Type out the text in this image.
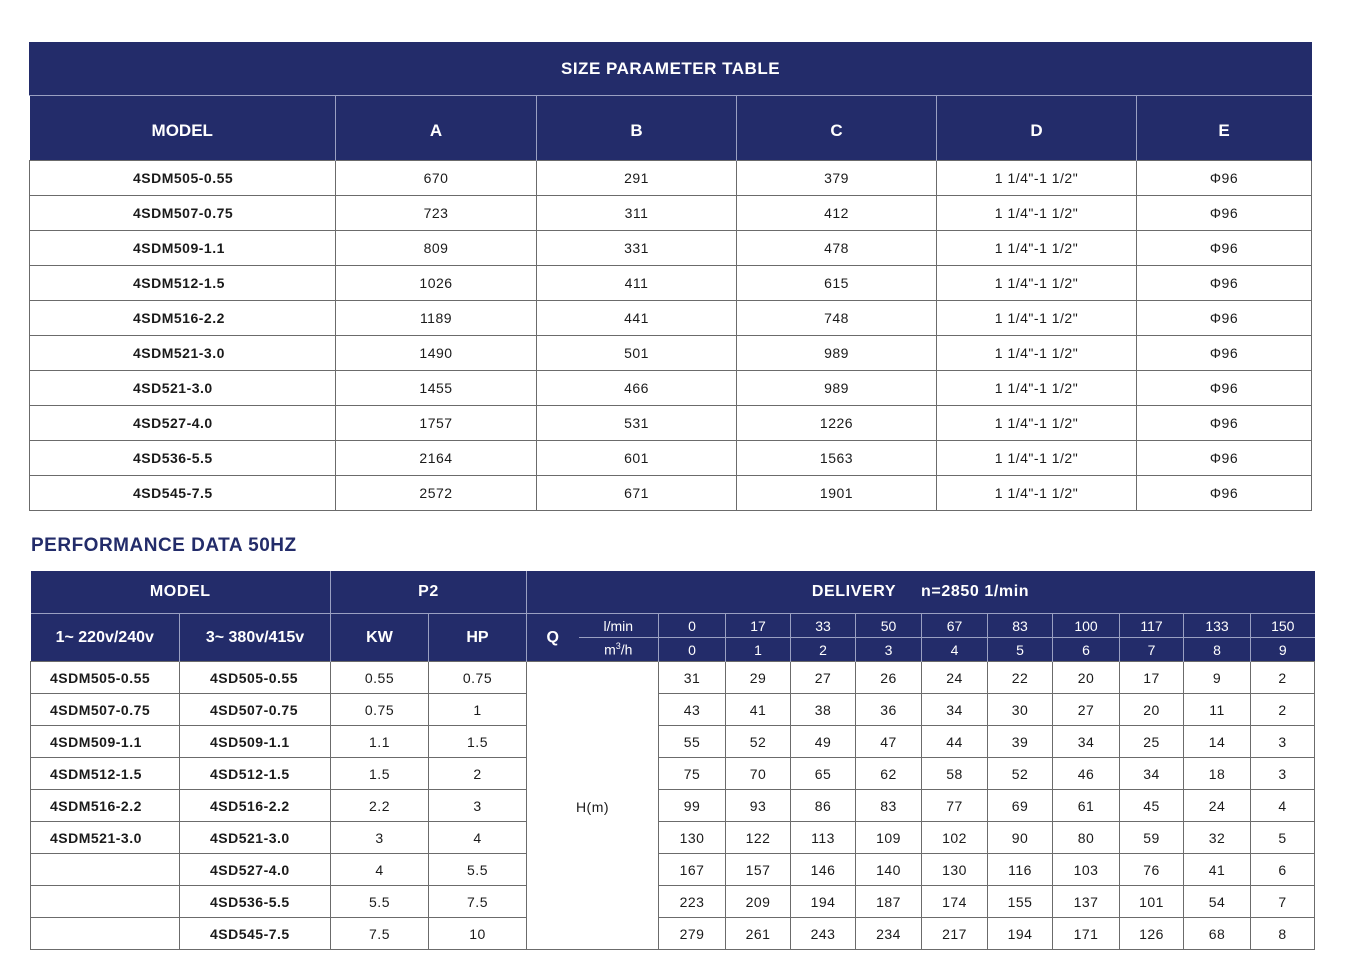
SIZE PARAMETER TABLE					
MODEL	A	B	C	D	E
4SDM505-0.55	670	291	379	1 1/4"-1 1/2"	Φ96
4SDM507-0.75	723	311	412	1 1/4"-1 1/2"	Φ96
4SDM509-1.1	809	331	478	1 1/4"-1 1/2"	Φ96
4SDM512-1.5	1026	411	615	1 1/4"-1 1/2"	Φ96
4SDM516-2.2	1189	441	748	1 1/4"-1 1/2"	Φ96
4SDM521-3.0	1490	501	989	1 1/4"-1 1/2"	Φ96
4SD521-3.0	1455	466	989	1 1/4"-1 1/2"	Φ96
4SD527-4.0	1757	531	1226	1 1/4"-1 1/2"	Φ96
4SD536-5.5	2164	601	1563	1 1/4"-1 1/2"	Φ96
4SD545-7.5	2572	671	1901	1 1/4"-1 1/2"	Φ96
PERFORMANCE DATA 50HZ
MODEL		P2		DELIVERY     n=2850 1/min											
1~ 220v/240v	3~ 380v/415v	KW	HP	Q	l/min	0	17	33	50	67	83	100	117	133	150
					$m^3/h$	0	1	2	3	4	5	6	7	8	9
4SDM505-0.55	4SD505-0.55	0.55	0.75	H(m)		31	29	27	26	24	22	20	17	9	2
4SDM507-0.75	4SD507-0.75	0.75	1			43	41	38	36	34	30	27	20	11	2
4SDM509-1.1	4SD509-1.1	1.1	1.5			55	52	49	47	44	39	34	25	14	3
4SDM512-1.5	4SD512-1.5	1.5	2			75	70	65	62	58	52	46	34	18	3
4SDM516-2.2	4SD516-2.2	2.2	3			99	93	86	83	77	69	61	45	24	4
4SDM521-3.0	4SD521-3.0	3	4			130	122	113	109	102	90	80	59	32	5
	4SD527-4.0	4	5.5			167	157	146	140	130	116	103	76	41	6
	4SD536-5.5	5.5	7.5			223	209	194	187	174	155	137	101	54	7
	4SD545-7.5	7.5	10			279	261	243	234	217	194	171	126	68	8
